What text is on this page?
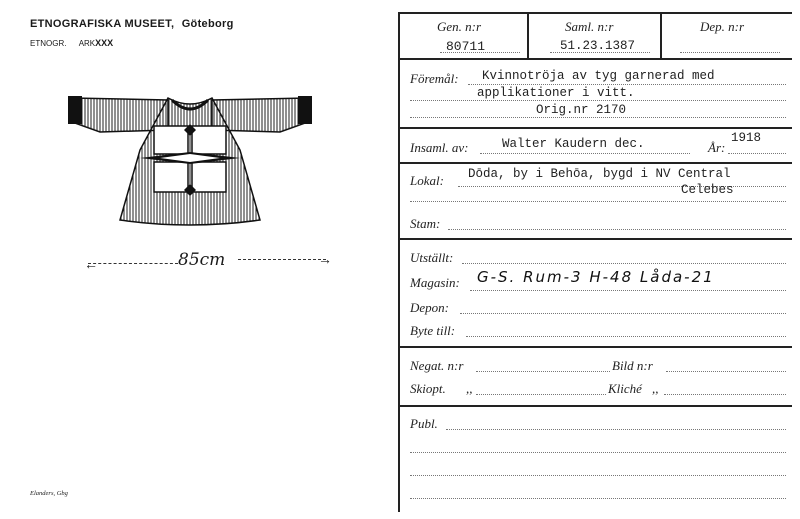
ETNOGRAFISKA MUSEET, Göteborg
ETNOGR. ARKXXX
←	→
85cm
Elanders, Gbg
Gen. n:r
80711
Saml. n:r
51.23.1387
Dep. n:r
Föremål: Kvinnotröja av tyg garnerad med
applikationer i vitt.
Orig.nr 2170
Insaml. av:	Walter Kaudern dec.	År:
1918
Lokal: Dōda, by i Behōa, bygd i NV Central
Celebes
Stam:
Utställt:
Magasin: G-S. Rum-3 H-48 Låda-21
Depon:
Byte till:
Negat. n:r	Bild n:r
Skiopt. ,,	Kliché ,,
Publ.
